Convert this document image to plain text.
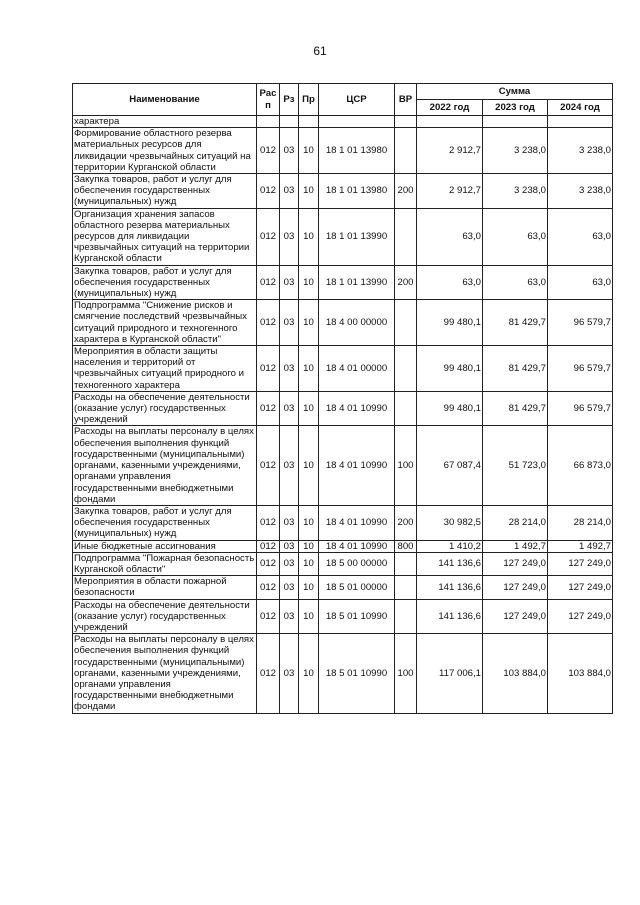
61
Наименование	Рас п	Рз	Пр	ЦСР	ВР	Сумма		
						2022 год	2023 год	2024 год
характера								
Формирование областного резерва материальных ресурсов для ликвидации чрезвычайных ситуаций на территории Курганской области	012	03	10	18 1 01 13980		2 912,7	3 238,0	3 238,0
Закупка товаров, работ и услуг для обеспечения государственных (муниципальных) нужд	012	03	10	18 1 01 13980	200	2 912,7	3 238,0	3 238,0
Организация хранения запасов областного резерва материальных ресурсов для ликвидации чрезвычайных ситуаций на территории Курганской области	012	03	10	18 1 01 13990		63,0	63,0	63,0
Закупка товаров, работ и услуг для обеспечения государственных (муниципальных) нужд	012	03	10	18 1 01 13990	200	63,0	63,0	63,0
Подпрограмма "Снижение рисков и смягчение последствий чрезвычайных ситуаций природного и техногенного характера в Курганской области"	012	03	10	18 4 00 00000		99 480,1	81 429,7	96 579,7
Мероприятия в области защиты населения и территорий от чрезвычайных ситуаций природного и техногенного характера	012	03	10	18 4 01 00000		99 480,1	81 429,7	96 579,7
Расходы на обеспечение деятельности (оказание услуг) государственных учреждений	012	03	10	18 4 01 10990		99 480,1	81 429,7	96 579,7
Расходы на выплаты персоналу в целях обеспечения выполнения функций государственными (муниципальными) органами, казенными учреждениями, органами управления государственными внебюджетными фондами	012	03	10	18 4 01 10990	100	67 087,4	51 723,0	66 873,0
Закупка товаров, работ и услуг для обеспечения государственных (муниципальных) нужд	012	03	10	18 4 01 10990	200	30 982,5	28 214,0	28 214,0
Иные бюджетные ассигнования	012	03	10	18 4 01 10990	800	1 410,2	1 492,7	1 492,7
Подпрограмма "Пожарная безопасность Курганской области"	012	03	10	18 5 00 00000		141 136,6	127 249,0	127 249,0
Мероприятия в области пожарной безопасности	012	03	10	18 5 01 00000		141 136,6	127 249,0	127 249,0
Расходы на обеспечение деятельности (оказание услуг) государственных учреждений	012	03	10	18 5 01 10990		141 136,6	127 249,0	127 249,0
Расходы на выплаты персоналу в целях обеспечения выполнения функций государственными (муниципальными) органами, казенными учреждениями, органами управления государственными внебюджетными фондами	012	03	10	18 5 01 10990	100	117 006,1	103 884,0	103 884,0
